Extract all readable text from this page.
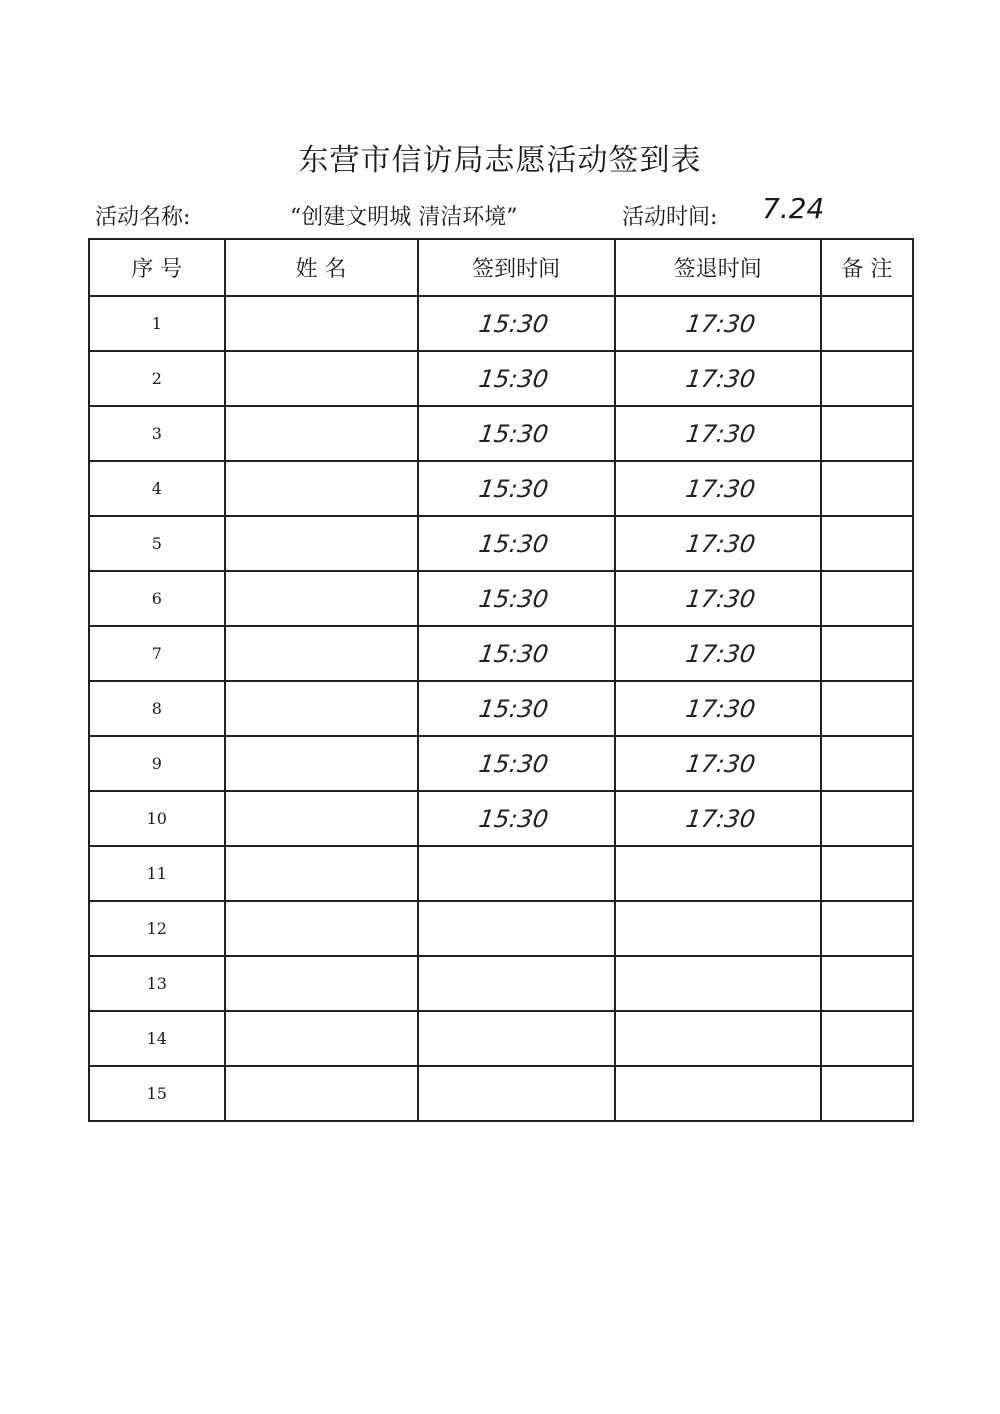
东营市信访局志愿活动签到表
活动名称:	“创建文明城 清洁环境”	活动时间: 7.24
序 号	姓 名	签到时间	签退时间	备 注
1		15:30	17:30	

2		15:30	17:30	

3		15:30	17:30	

4		15:30	17:30	

5		15:30	17:30	

6		15:30	17:30	

7		15:30	17:30	

8		15:30	17:30	

9		15:30	17:30	

10		15:30	17:30	

11	

12	

13	

14	

15	
